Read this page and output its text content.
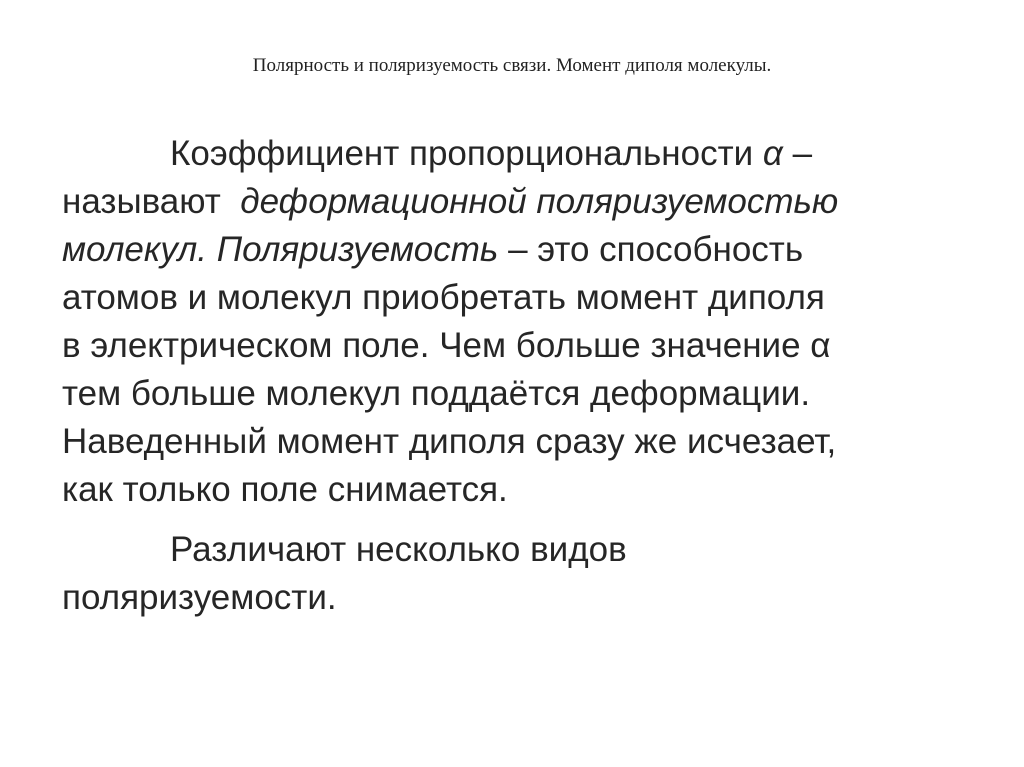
Полярность и поляризуемость связи. Момент диполя молекулы.
Коэффициент пропорциональности α –
называют  деформационной поляризуемостью
молекул. Поляризуемость – это способность
атомов и молекул приобретать момент диполя
в электрическом поле. Чем больше значение α
тем больше молекул поддаётся деформации.
Наведенный момент диполя сразу же исчезает,
как только поле снимается.
Различают несколько видов
поляризуемости.
